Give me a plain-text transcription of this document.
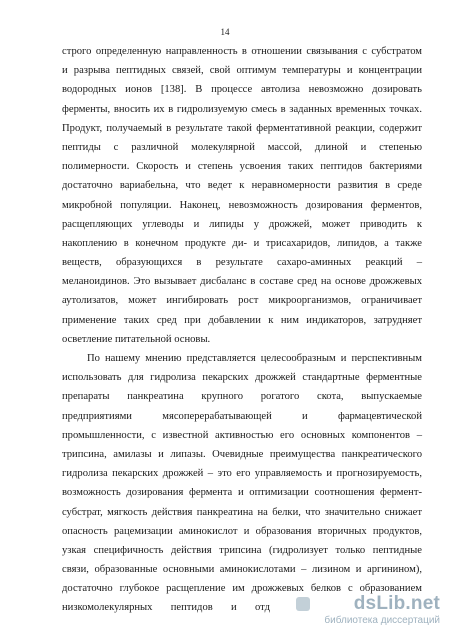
14
строго определенную направленность в отношении связывания с субстратом
и разрыва пептидных связей, свой оптимум температуры и концентрации
водородных ионов [138]. В процессе автолиза невозможно дозировать
ферменты, вносить их в гидролизуемую смесь в заданных временных точках.
Продукт, получаемый в результате такой ферментативной реакции, содержит
пептиды с различной молекулярной массой, длиной и степенью
полимерности. Скорость и степень усвоения таких пептидов бактериями
достаточно вариабельна, что ведет к неравномерности развития в среде
микробной популяции. Наконец, невозможность дозирования ферментов,
расщепляющих углеводы и липиды у дрожжей, может приводить к
накоплению в конечном продукте ди- и трисахаридов, липидов, а также
веществ, образующихся в результате сахаро-аминных реакций –
меланоидинов. Это вызывает дисбаланс в составе сред на основе дрожжевых
аутолизатов, может ингибировать рост микроорганизмов, ограничивает
применение таких сред при добавлении к ним индикаторов, затрудняет
осветление питательной основы.
По нашему мнению представляется целесообразным и перспективным
использовать для гидролиза пекарских дрожжей стандартные ферментные
препараты панкреатина крупного рогатого скота, выпускаемые
предприятиями мясоперерабатывающей и фармацевтической
промышленности, с известной активностью его основных компонентов –
трипсина, амилазы и липазы. Очевидные преимущества панкреатического
гидролиза пекарских дрожжей – это его управляемость и прогнозируемость,
возможность дозирования фермента и оптимизации соотношения фермент-
субстрат, мягкость действия панкреатина на белки, что значительно снижает
опасность рацемизации аминокислот и образования вторичных продуктов,
узкая специфичность действия трипсина (гидролизует только пептидные
связи, образованные основными аминокислотами – лизином и аргинином),
достаточно глубокое расщепление им дрожжевых белков с образованием
низкомолекулярных пептидов и отд	dsLib.net
библиотека диссертаций
